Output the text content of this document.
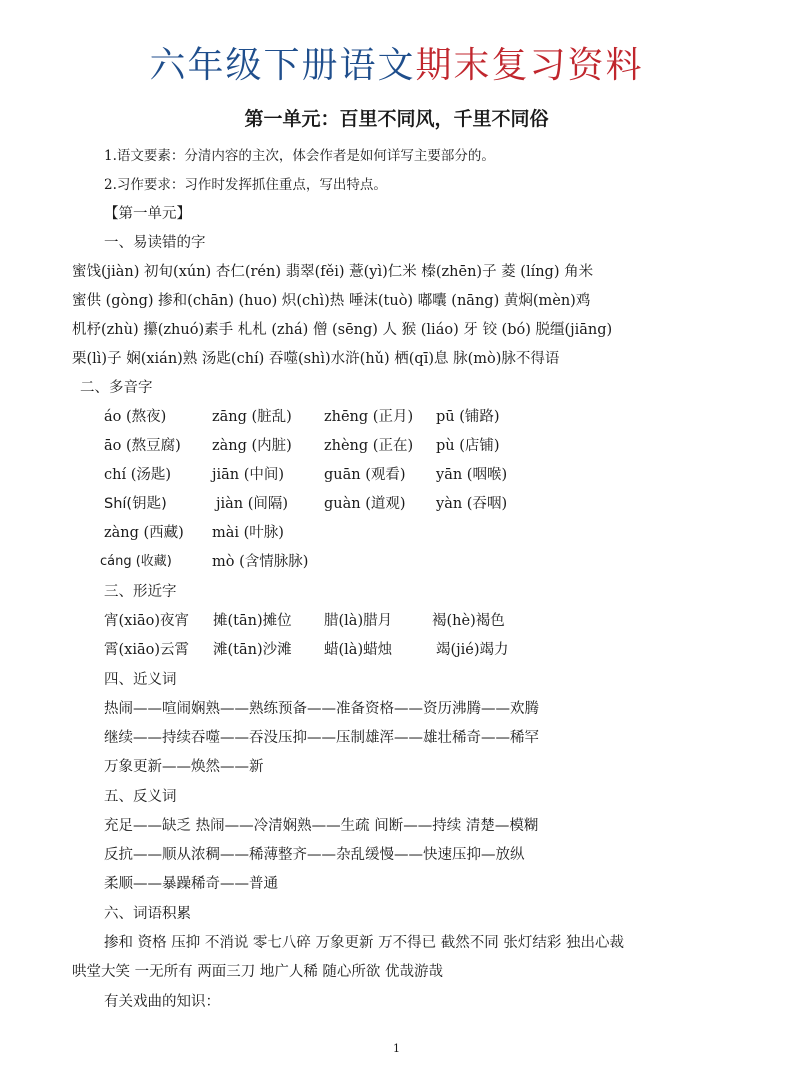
六年级下册语文期末复习资料
第一单元：百里不同风，千里不同俗
1.语文要素：分清内容的主次，体会作者是如何详写主要部分的。
2.习作要求：习作时发挥抓住重点，写出特点。
【第一单元】
一、易读错的字
蜜饯(jiàn) 初旬(xún) 杏仁(rén) 翡翠(fěi) 薏(yì)仁米 榛(zhēn)子 菱 (líng) 角米
蜜供 (gòng) 掺和(chān) (huo) 炽(chì)热 唾沫(tuò) 嘟囔 (nāng) 黄焖(mèn)鸡
机杼(zhù) 攥(zhuó)素手 札札 (zhá) 僧 (sēng) 人 猴 (liáo) 牙 铰 (bó) 脱缰(jiāng)
栗(lì)子 娴(xián)熟 汤匙(chí) 吞噬(shì)水浒(hǔ) 栖(qī)息 脉(mò)脉不得语
二、多音字
áo (熬夜)	zāng (脏乱) zhēng (正月) pū (铺路)
āo (熬豆腐) zàng (内脏) zhèng (正在) pù (店铺)
chí (汤匙)	jiān (中间)	guān (观看) yān (咽喉)
Shí(钥匙)	jiàn (间隔) guàn (道观) yàn (吞咽)
zàng (西藏) mài (叶脉)
cáng (收藏)	mò (含情脉脉)
三、形近字
宵(xiāo)夜宵 摊(tān)摊位 腊(là)腊月	褐(hè)褐色
霄(xiāo)云霄 滩(tān)沙滩 蜡(là)蜡烛	竭(jié)竭力
四、近义词
热闹——喧闹娴熟——熟练预备——准备资格——资历沸腾——欢腾
继续——持续吞噬——吞没压抑——压制雄浑——雄壮稀奇——稀罕
万象更新——焕然——新
五、反义词
充足——缺乏 热闹——冷清娴熟——生疏 间断——持续 清楚—模糊
反抗——顺从浓稠——稀薄整齐——杂乱缓慢——快速压抑—放纵
柔顺——暴躁稀奇——普通
六、词语积累
掺和 资格 压抑 不消说 零七八碎 万象更新 万不得已 截然不同 张灯结彩 独出心裁
哄堂大笑 一无所有 两面三刀 地广人稀 随心所欲 优哉游哉
有关戏曲的知识：
1
